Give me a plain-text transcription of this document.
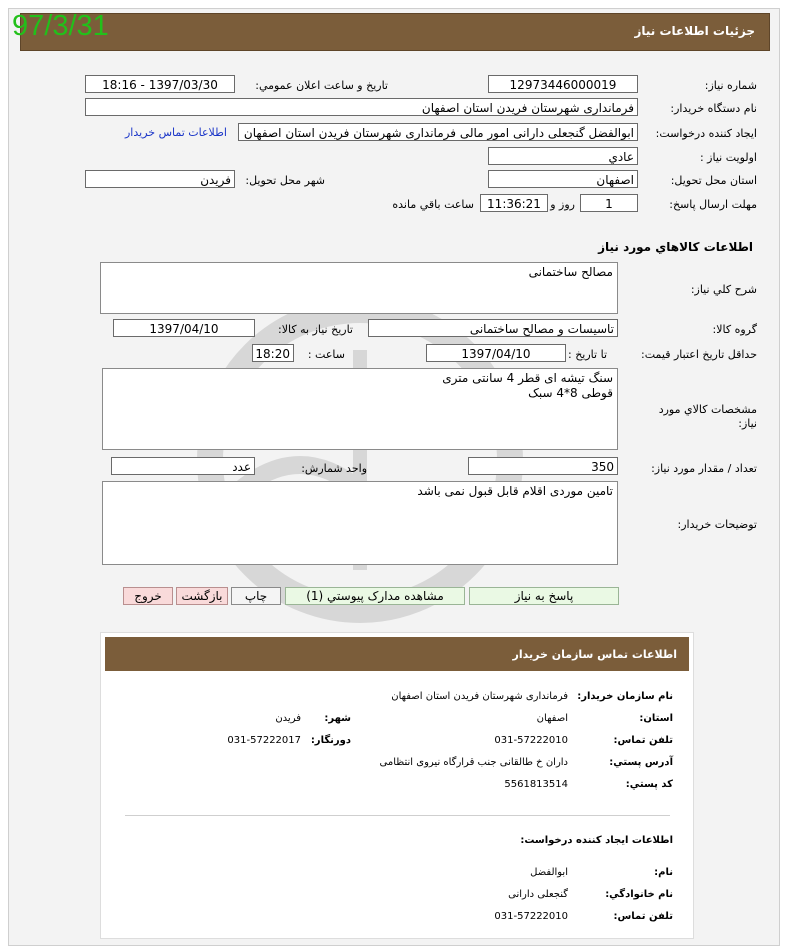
جزئيات اطلاعات نياز
97/3/31
شماره نياز:
12973446000019
تاريخ و ساعت اعلان عمومي:
1397/03/30 - 18:16
نام دستگاه خريدار:
فرمانداری شهرستان فریدن استان اصفهان
ايجاد کننده درخواست:
ابوالفضل گنجعلی دارانی امور مالی فرمانداری شهرستان فریدن استان اصفهان
اطلاعات تماس خريدار
اولويت نياز :
عادي
استان محل تحويل:
اصفهان
شهر محل تحويل:
فریدن
مهلت ارسال پاسخ:
1
روز و
11:36:21
ساعت باقي مانده
اطلاعات کالاهاي مورد نياز
شرح کلي نياز:
مصالح ساختمانی
گروه کالا:
تاسیسات و مصالح ساختمانی
تاريخ نياز به کالا:
1397/04/10
حداقل تاريخ اعتبار قيمت:
تا تاريخ :
1397/04/10
ساعت :
18:20
مشخصات کالاي مورد نياز:
سنگ تیشه ای قطر 4 سانتی متری
قوطی 8*4 سبک
تعداد / مقدار مورد نياز:
350
واحد شمارش:
عدد
توضيحات خريدار:
تامین موردی اقلام قابل قبول نمی باشد
پاسخ به نياز
مشاهده مدارک پيوستي (1)
چاپ
بازگشت
خروج
اطلاعات تماس سازمان خريدار
نام سازمان خريدار:
فرمانداری شهرستان فریدن استان اصفهان
استان:
اصفهان
شهر:
فریدن
تلفن تماس:
031-57222010
دورنگار:
031-57222017
آدرس پستي:
داران خ طالقانی جنب قرارگاه نیروی انتظامی
کد پستي:
5561813514
اطلاعات ايجاد کننده درخواست:
نام:
ابوالفضل
نام خانوادگي:
گنجعلی دارانی
تلفن تماس:
031-57222010
